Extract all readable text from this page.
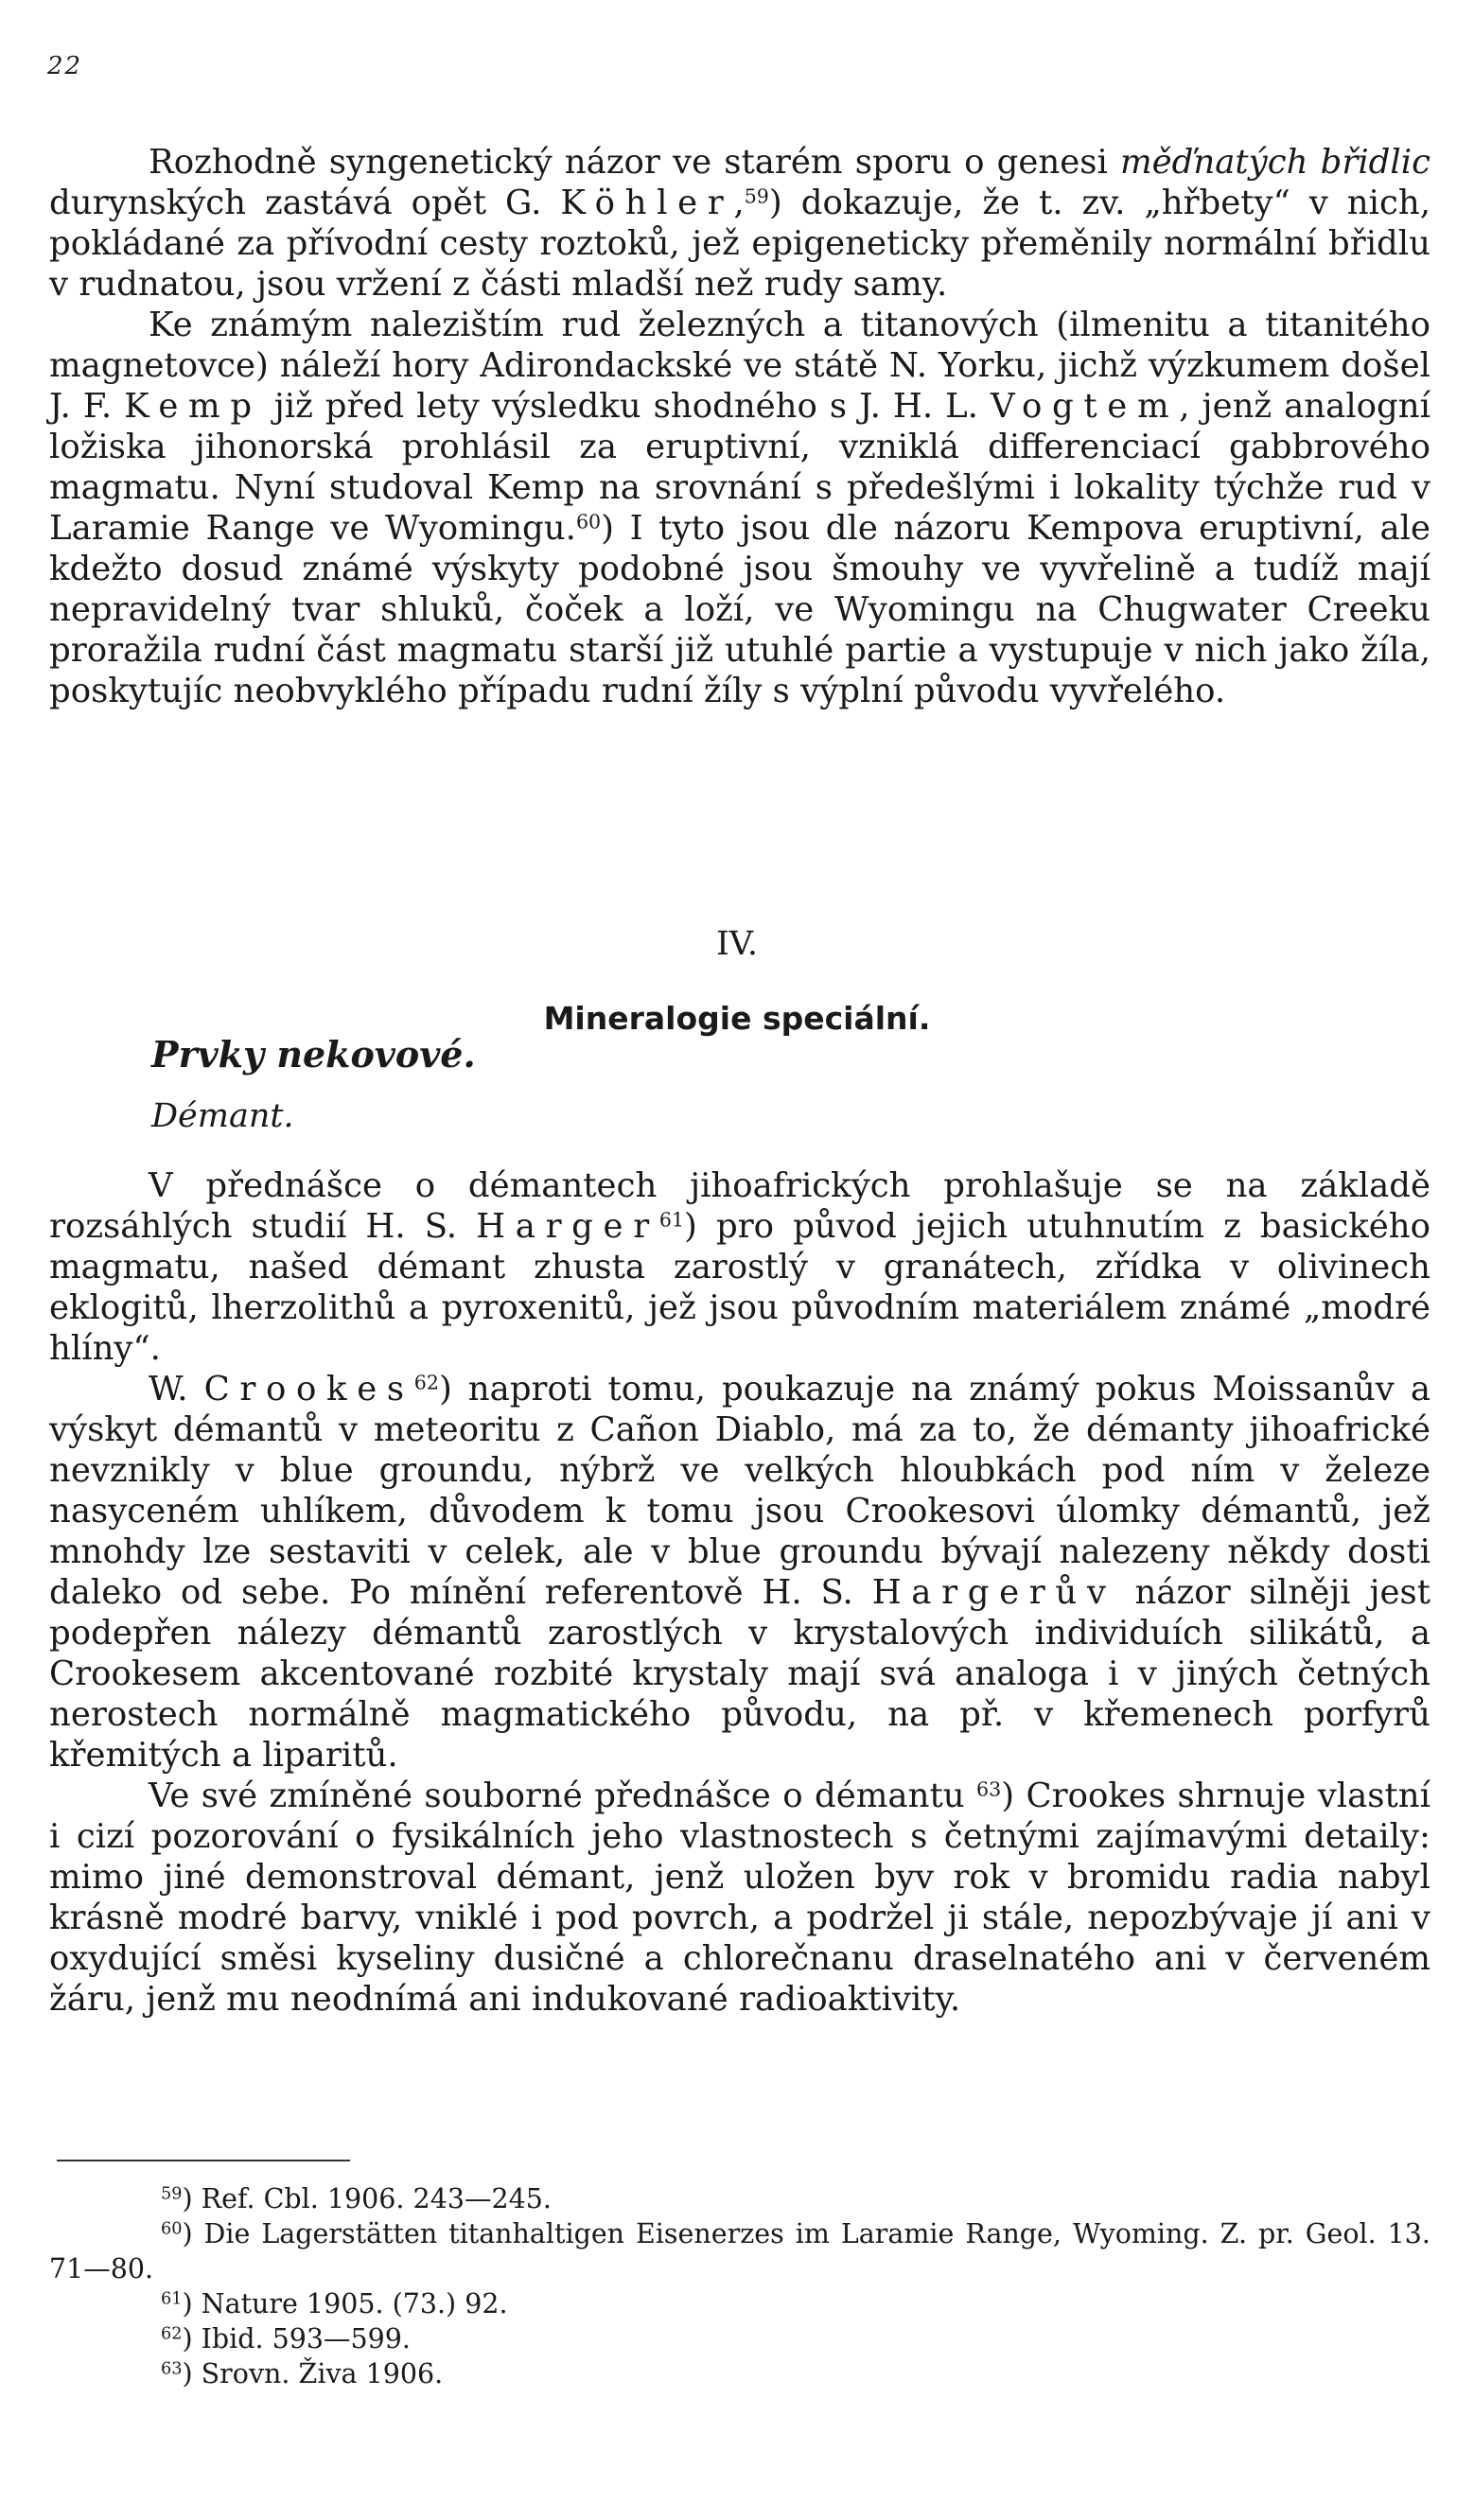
22

Rozhodně syngenetický názor ve starém sporu o genesi měďnatých břidlic durynských zastává opět G. Köhler,$^{59}$) dokazuje, že t. zv. „hřbety“ v nich, pokládané za přívodní cesty roztoků, jež epigeneticky přeměnily normální břidlu v rudnatou, jsou vržení z části mladší než rudy samy.

Ke známým nalezištím rud železných a titanových (ilmenitu a titanitého magnetovce) náleží hory Adirondackské ve státě N. Yorku, jichž výzkumem došel J. F. Kemp již před lety výsledku shodného s J. H. L. Vogtem, jenž analogní ložiska jihonorská prohlásil za eruptivní, vzniklá differenciací gabbrového magmatu. Nyní studoval Kemp na srovnání s předešlými i lokality týchže rud v Laramie Range ve Wyomingu.$^{60}$) I tyto jsou dle názoru Kempova eruptivní, ale kdežto dosud známé výskyty podobné jsou šmouhy ve vyvřelině a tudíž mají nepravidelný tvar shluků, čoček a loží, ve Wyomingu na Chugwater Creeku proražila rudní část magmatu starší již utuhlé partie a vystupuje v nich jako žíla, poskytujíc neobvyklého případu rudní žíly s výplní původu vyvřelého.

IV.
Mineralogie speciální.
Prvky nekovové.
Démant.

V přednášce o démantech jihoafrických prohlašuje se na základě rozsáhlých studií H. S. Harger$^{61}$) pro původ jejich utuhnutím z basického magmatu, našed démant zhusta zarostlý v granátech, zřídka v olivinech eklogitů, lherzolithů a pyroxenitů, jež jsou původním materiálem známé „modré hlíny“.

W. Crookes$^{62}$) naproti tomu, poukazuje na známý pokus Moissanův a výskyt démantů v meteoritu z Cañon Diablo, má za to, že démanty jihoafrické nevznikly v blue groundu, nýbrž ve velkých hloubkách pod ním v železe nasyceném uhlíkem, důvodem k tomu jsou Crookesovi úlomky démantů, jež mnohdy lze sestaviti v celek, ale v blue groundu bývají nalezeny někdy dosti daleko od sebe. Po mínění referentově H. S. Hargerův názor silněji jest podepřen nálezy démantů zarostlých v krystalových individuích silikátů, a Crookesem akcentované rozbité krystaly mají svá analoga i v jiných četných nerostech normálně magmatického původu, na př. v křemenech porfyrů křemitých a liparitů.

Ve své zmíněné souborné přednášce o démantu $^{63}$) Crookes shrnuje vlastní i cizí pozorování o fysikálních jeho vlastnostech s četnými zajímavými detaily: mimo jiné demonstroval démant, jenž uložen byv rok v bromidu radia nabyl krásně modré barvy, vniklé i pod povrch, a podržel ji stále, nepozbývaje jí ani v oxydující směsi kyseliny dusičné a chlorečnanu draselnatého ani v červeném žáru, jenž mu neodnímá ani indukované radioaktivity.

$^{59}$) Ref. Cbl. 1906. 243—245.
$^{60}$) Die Lagerstätten titanhaltigen Eisenerzes im Laramie Range, Wyoming. Z. pr. Geol. 13. 71—80.
$^{61}$) Nature 1905. (73.) 92.
$^{62}$) Ibid. 593—599.
$^{63}$) Srovn. Živa 1906.
